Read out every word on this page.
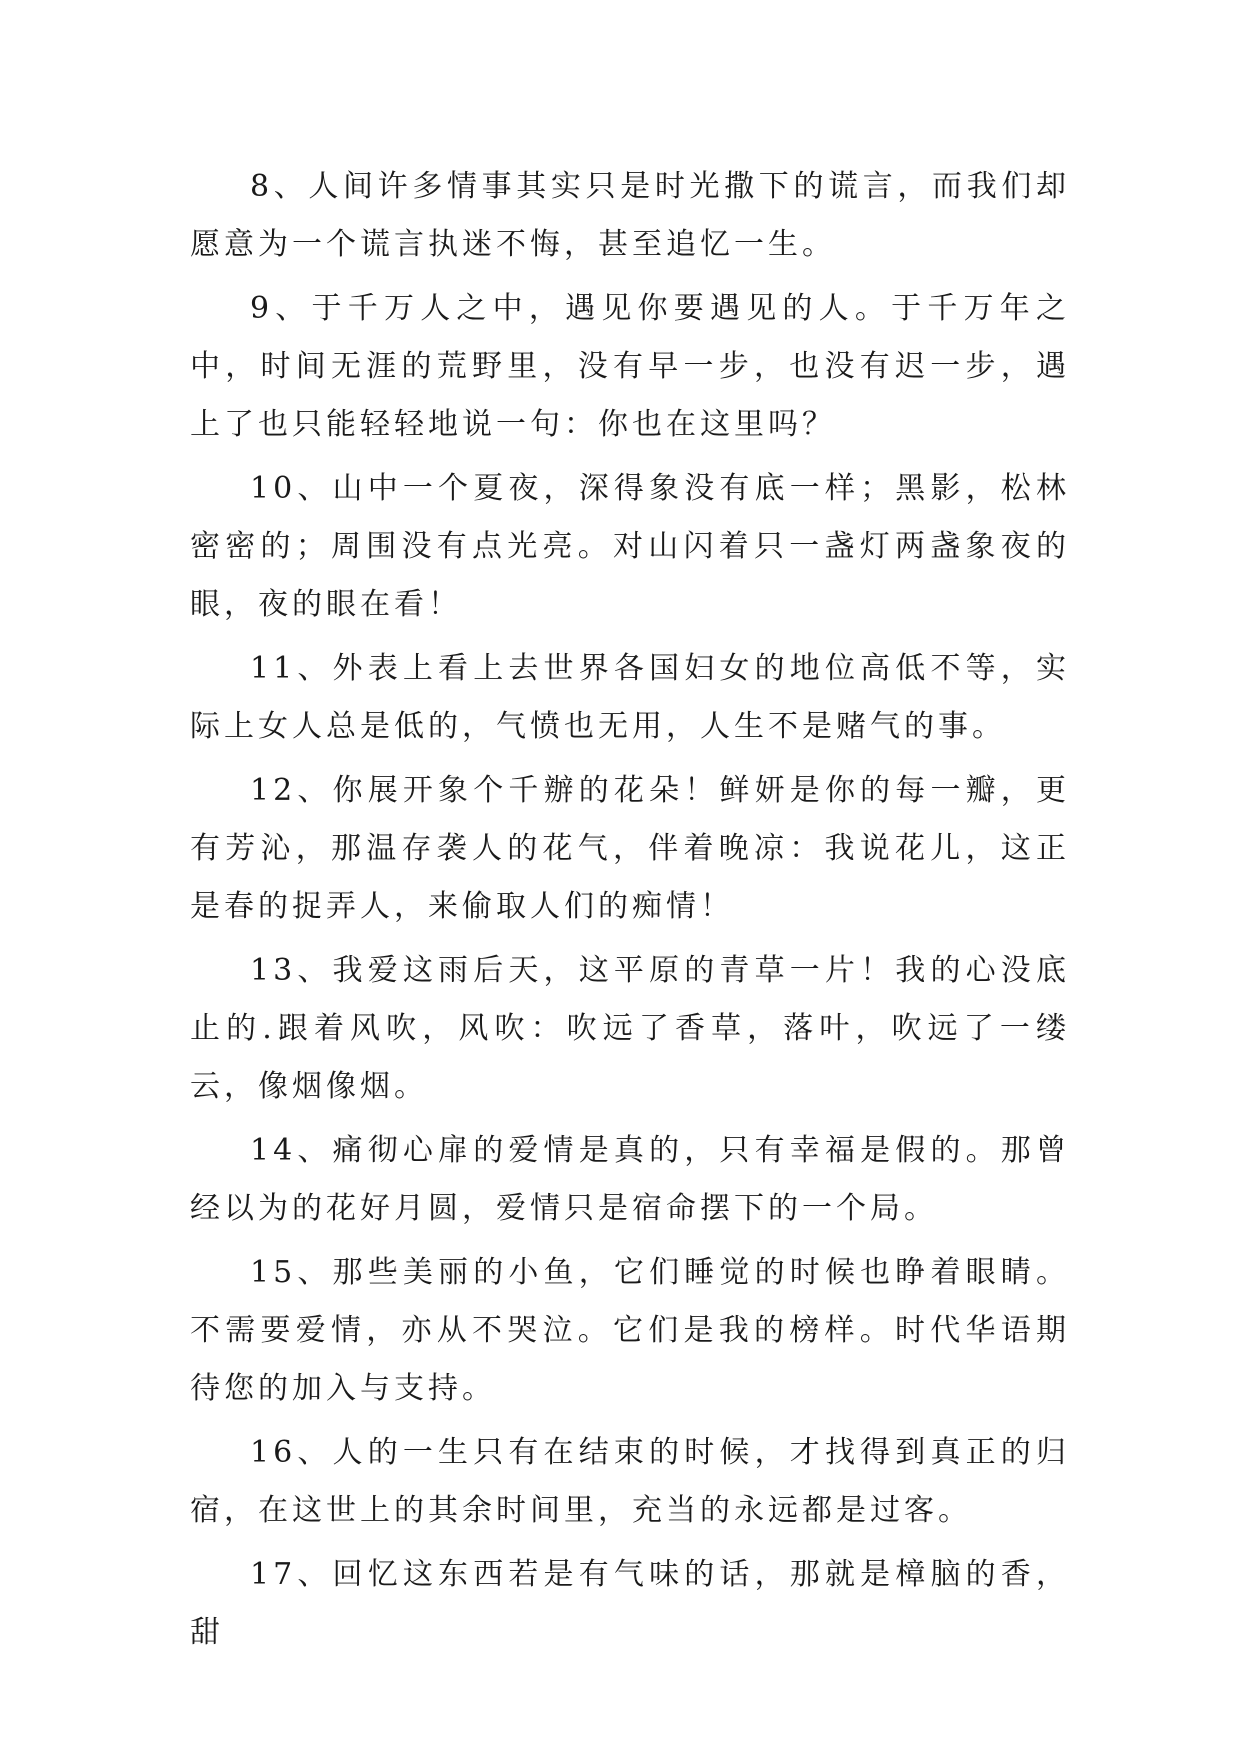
8、人间许多情事其实只是时光撒下的谎言，而我们却愿意为一个谎言执迷不悔，甚至追忆一生。

9、于千万人之中，遇见你要遇见的人。于千万年之中，时间无涯的荒野里，没有早一步，也没有迟一步，遇上了也只能轻轻地说一句：你也在这里吗？

10、山中一个夏夜，深得象没有底一样；黑影，松林密密的；周围没有点光亮。对山闪着只一盏灯两盏象夜的眼，夜的眼在看！

11、外表上看上去世界各国妇女的地位高低不等，实际上女人总是低的，气愤也无用，人生不是赌气的事。

12、你展开象个千辦的花朵！鲜妍是你的每一瓣，更有芳沁，那温存袭人的花气，伴着晚凉：我说花儿，这正是春的捉弄人，来偷取人们的痴情！

13、我爱这雨后天，这平原的青草一片！我的心没底止的.跟着风吹，风吹：吹远了香草，落叶，吹远了一缕云，像烟像烟。

14、痛彻心扉的爱情是真的，只有幸福是假的。那曾经以为的花好月圆，爱情只是宿命摆下的一个局。

15、那些美丽的小鱼，它们睡觉的时候也睁着眼睛。不需要爱情，亦从不哭泣。它们是我的榜样。时代华语期待您的加入与支持。

16、人的一生只有在结束的时候，才找得到真正的归宿，在这世上的其余时间里，充当的永远都是过客。

17、回忆这东西若是有气味的话，那就是樟脑的香，甜
